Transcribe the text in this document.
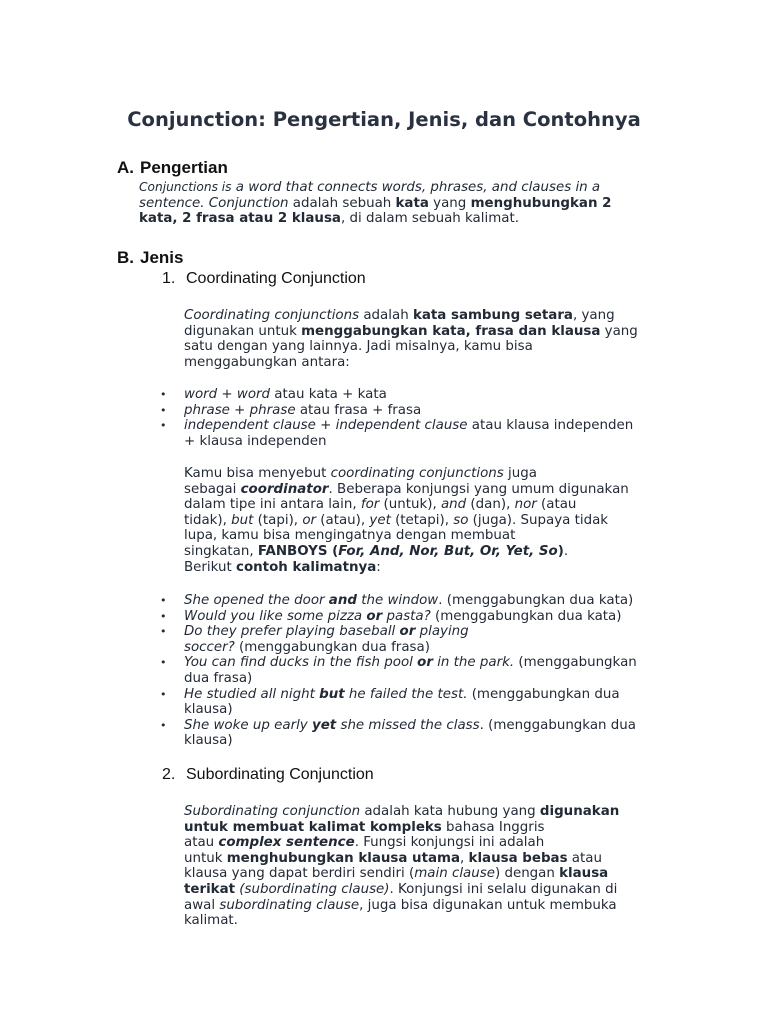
Conjunction: Pengertian, Jenis, dan Contohnya
A. Pengertian
Conjunctions is a word that connects words, phrases, and clauses in a
sentence. Conjunction adalah sebuah kata yang menghubungkan 2
kata, 2 frasa atau 2 klausa, di dalam sebuah kalimat.
B. Jenis
1. Coordinating Conjunction
Coordinating conjunctions adalah kata sambung setara, yang
digunakan untuk menggabungkan kata, frasa dan klausa yang
satu dengan yang lainnya. Jadi misalnya, kamu bisa
menggabungkan antara:
• word + word atau kata + kata
• phrase + phrase atau frasa + frasa
• independent clause + independent clause atau klausa independen
+ klausa independen
Kamu bisa menyebut coordinating conjunctions juga
sebagai coordinator. Beberapa konjungsi yang umum digunakan
dalam tipe ini antara lain, for (untuk), and (dan), nor (atau
tidak), but (tapi), or (atau), yet (tetapi), so (juga). Supaya tidak
lupa, kamu bisa mengingatnya dengan membuat
singkatan, FANBOYS (For, And, Nor, But, Or, Yet, So).
Berikut contoh kalimatnya:
• She opened the door and the window. (menggabungkan dua kata)
• Would you like some pizza or pasta? (menggabungkan dua kata)
• Do they prefer playing baseball or playing
soccer? (menggabungkan dua frasa)
• You can find ducks in the fish pool or in the park. (menggabungkan
dua frasa)
• He studied all night but he failed the test. (menggabungkan dua
klausa)
• She woke up early yet she missed the class. (menggabungkan dua
klausa)
2. Subordinating Conjunction
Subordinating conjunction adalah kata hubung yang digunakan
untuk membuat kalimat kompleks bahasa Inggris
atau complex sentence. Fungsi konjungsi ini adalah
untuk menghubungkan klausa utama, klausa bebas atau
klausa yang dapat berdiri sendiri (main clause) dengan klausa
terikat (subordinating clause). Konjungsi ini selalu digunakan di
awal subordinating clause, juga bisa digunakan untuk membuka
kalimat.
